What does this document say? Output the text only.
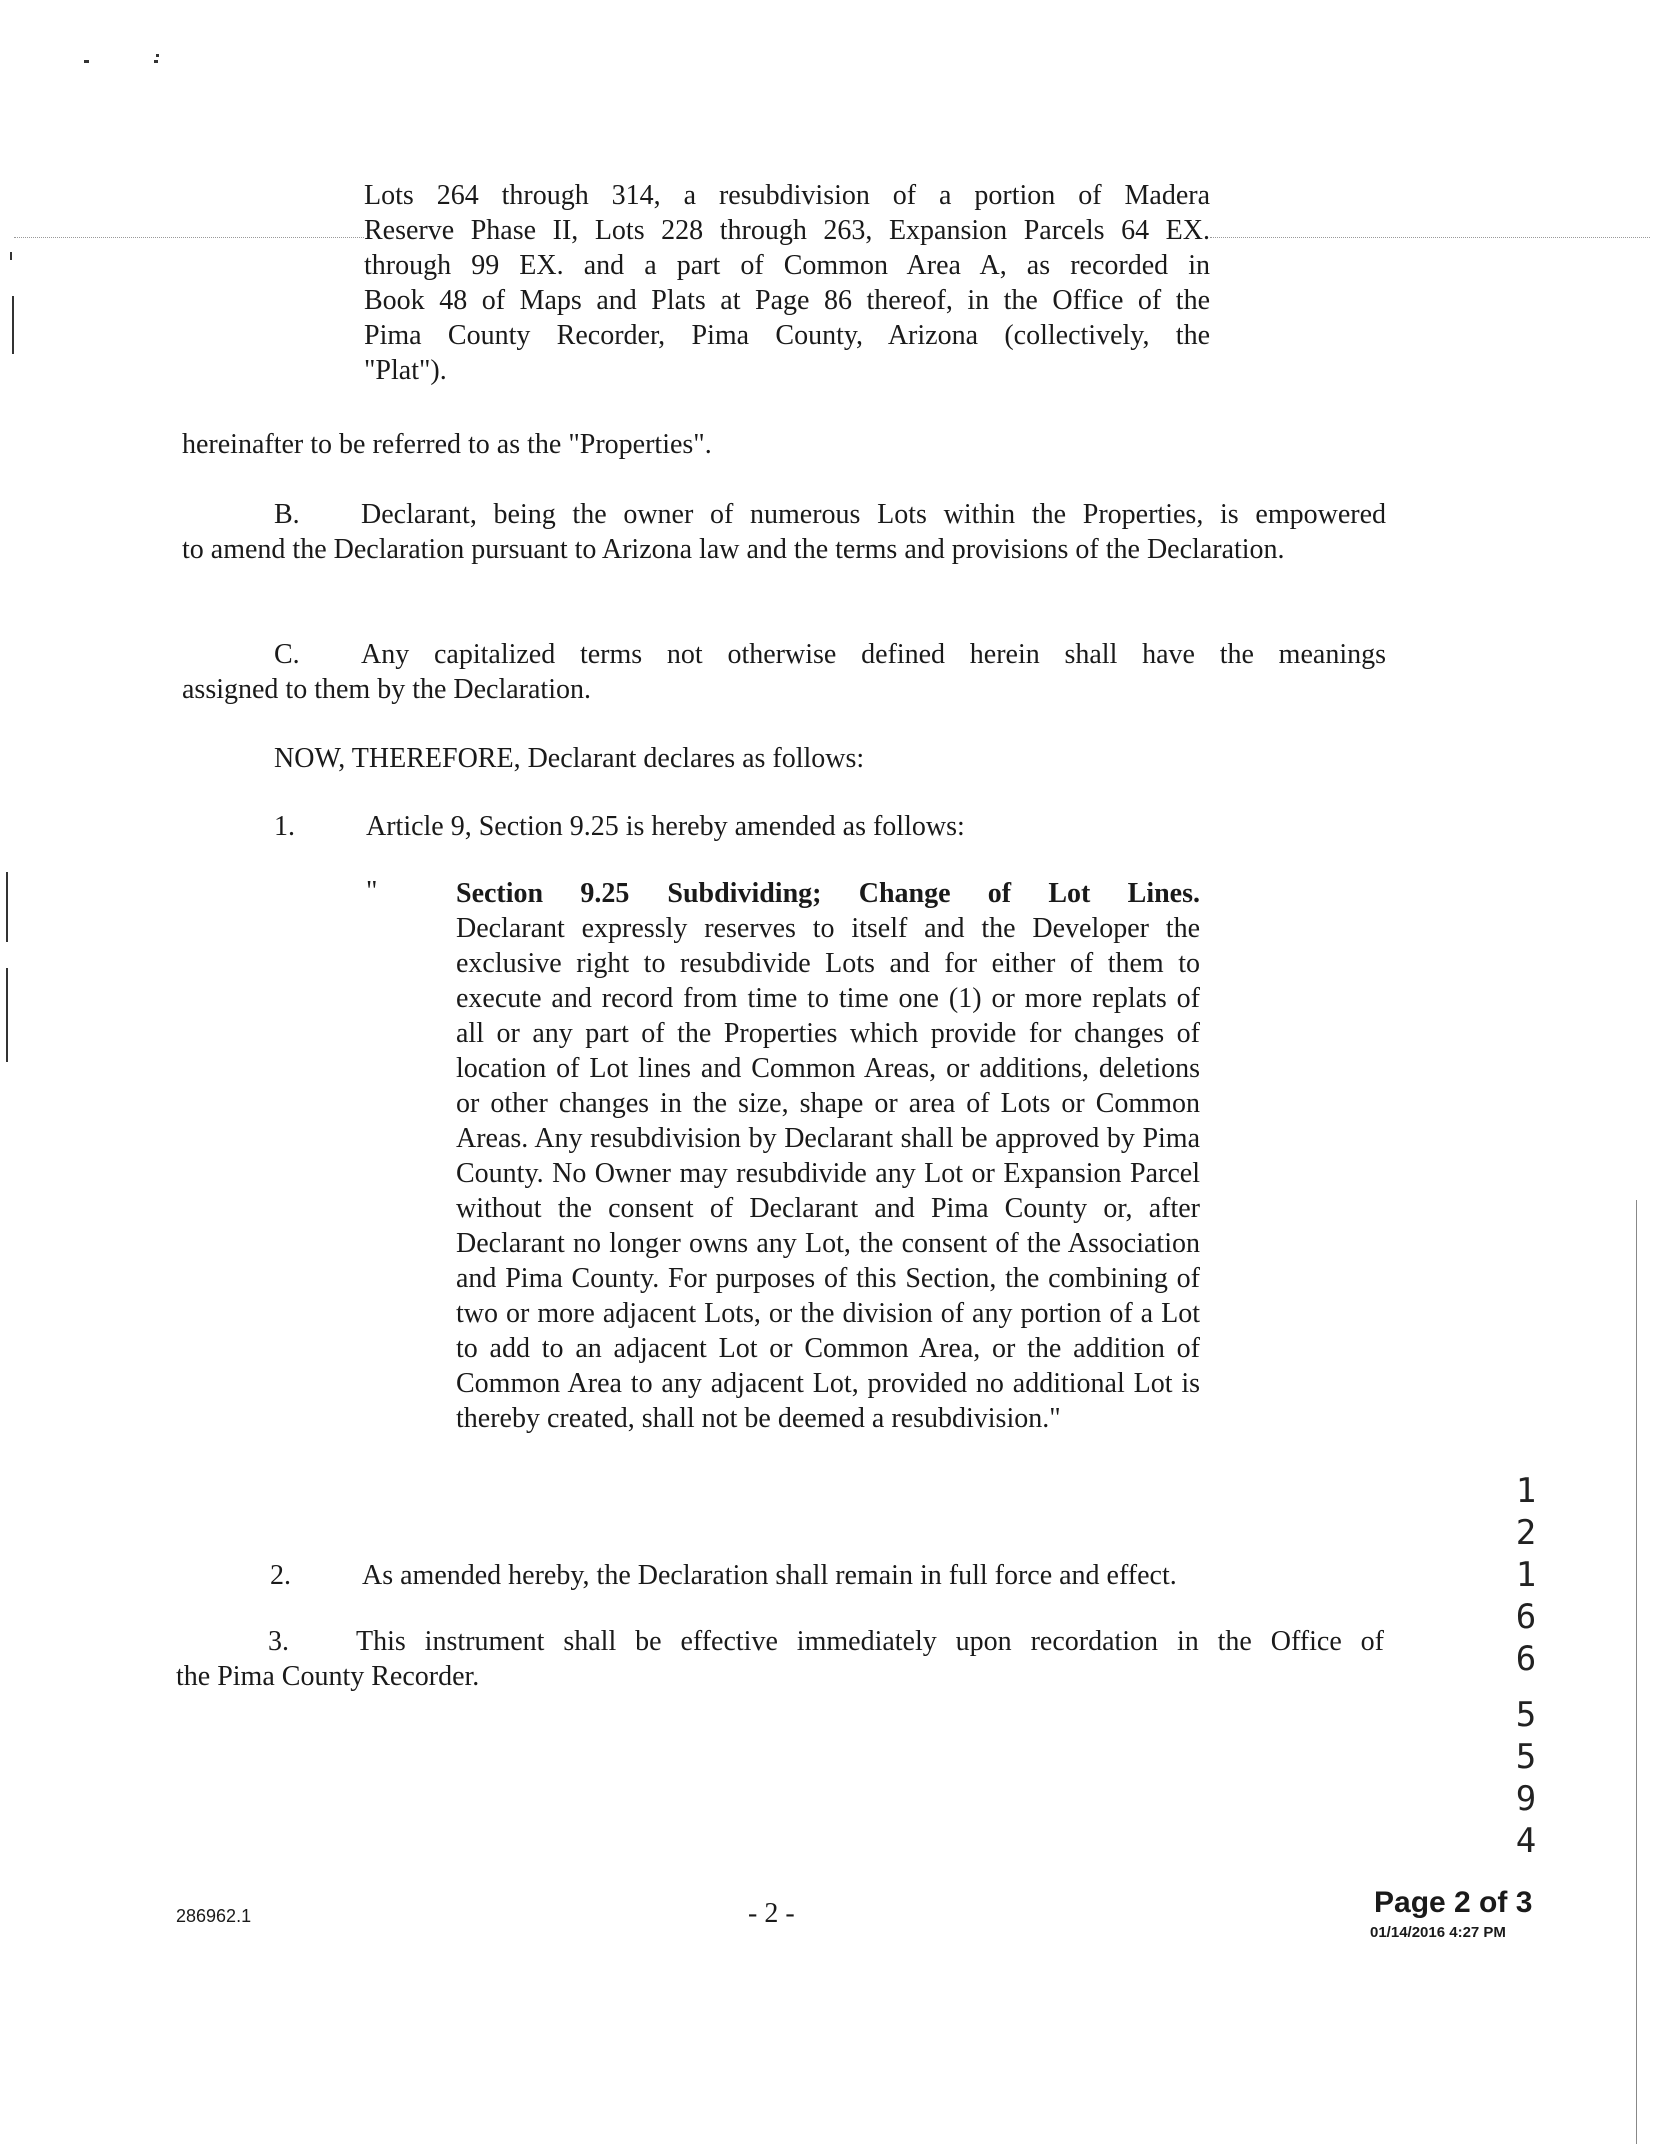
Lots 264 through 314, a resubdivision of a portion of Madera
Reserve Phase II, Lots 228 through 263, Expansion Parcels 64 EX.
through 99 EX. and a part of Common Area A, as recorded in
Book 48 of Maps and Plats at Page 86 thereof, in the Office of the
Pima County Recorder, Pima County, Arizona (collectively, the
"Plat").
hereinafter to be referred to as the "Properties".
B. Declarant, being the owner of numerous Lots within the Properties, is empowered
to amend the Declaration pursuant to Arizona law and the terms and provisions of the Declaration.
C. Any capitalized terms not otherwise defined herein shall have the meanings
assigned to them by the Declaration.
NOW, THEREFORE, Declarant declares as follows:
1.	Article 9, Section 9.25 is hereby amended as follows:
"	Section 9.25 Subdividing; Change of Lot Lines.
Declarant expressly reserves to itself and the Developer the exclusive right to resubdivide Lots and for either of them to execute and record from time to time one (1) or more replats of all or any part of the Properties which provide for changes of location of Lot lines and Common Areas, or additions, deletions or other changes in the size, shape or area of Lots or Common Areas. Any resubdivision by Declarant shall be approved by Pima County. No Owner may resubdivide any Lot or Expansion Parcel without the consent of Declarant and Pima County or, after Declarant no longer owns any Lot, the consent of the Association and Pima County. For purposes of this Section, the combining of two or more adjacent Lots, or the division of any portion of a Lot to add to an adjacent Lot or Common Area, or the addition of Common Area to any adjacent Lot, provided no additional Lot is thereby created, shall not be deemed a resubdivision."
2.	As amended hereby, the Declaration shall remain in full force and effect.
3. This instrument shall be effective immediately upon recordation in the Office of
the Pima County Recorder.
1
2
1
6
6
5
5
9
4
286962.1	- 2 -	Page 2 of 3
01/14/2016 4:27 PM
